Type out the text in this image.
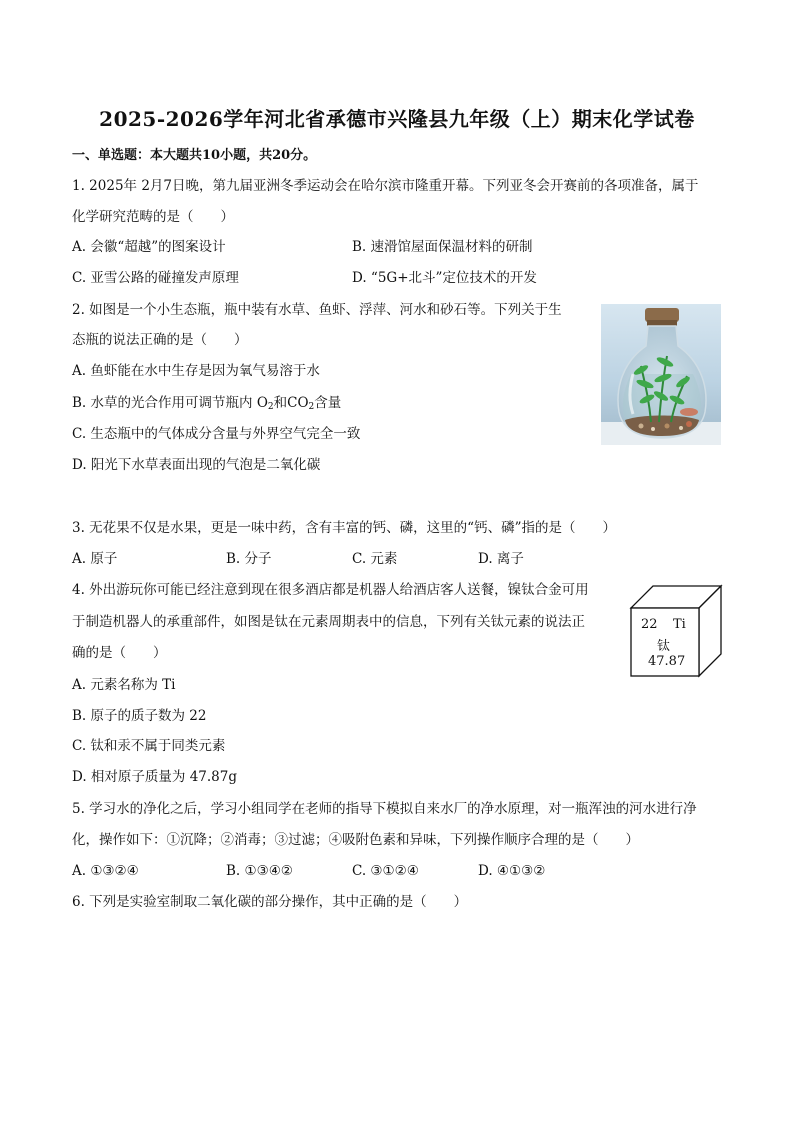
2025-2026学年河北省承德市兴隆县九年级（上）期末化学试卷
一、单选题：本大题共10小题，共20分。
1. 2025年 2月7日晚，第九届亚洲冬季运动会在哈尔滨市隆重开幕。下列亚冬会开赛前的各项准备，属于
化学研究范畴的是（　　）
A. 会徽“超越”的图案设计	B. 速滑馆屋面保温材料的研制
C. 亚雪公路的碰撞发声原理	D. “5G+北斗”定位技术的开发
2. 如图是一个小生态瓶，瓶中装有水草、鱼虾、浮萍、河水和砂石等。下列关于生
态瓶的说法正确的是（　　）
A. 鱼虾能在水中生存是因为氧气易溶于水
B. 水草的光合作用可调节瓶内 $O_2$和$CO_2$含量
C. 生态瓶中的气体成分含量与外界空气完全一致
D. 阳光下水草表面出现的气泡是二氧化碳
3. 无花果不仅是水果，更是一味中药，含有丰富的钙、磷，这里的“钙、磷”指的是（　　）
A. 原子	B. 分子	C. 元素	D. 离子
4. 外出游玩你可能已经注意到现在很多酒店都是机器人给酒店客人送餐，镍钛合金可用
于制造机器人的承重部件，如图是钛在元素周期表中的信息，下列有关钛元素的说法正
确的是（　　）
A. 元素名称为 Ti
B. 原子的质子数为 22
C. 钛和汞不属于同类元素
D. 相对原子质量为 47.87g
22 Ti
钛
47.87
5. 学习水的净化之后，学习小组同学在老师的指导下模拟自来水厂的净水原理，对一瓶浑浊的河水进行净
化，操作如下：①沉降；②消毒；③过滤；④吸附色素和异味，下列操作顺序合理的是（　　）
A. ①③②④	B. ①③④②	C. ③①②④	D. ④①③②
6. 下列是实验室制取二氧化碳的部分操作，其中正确的是（　　）
